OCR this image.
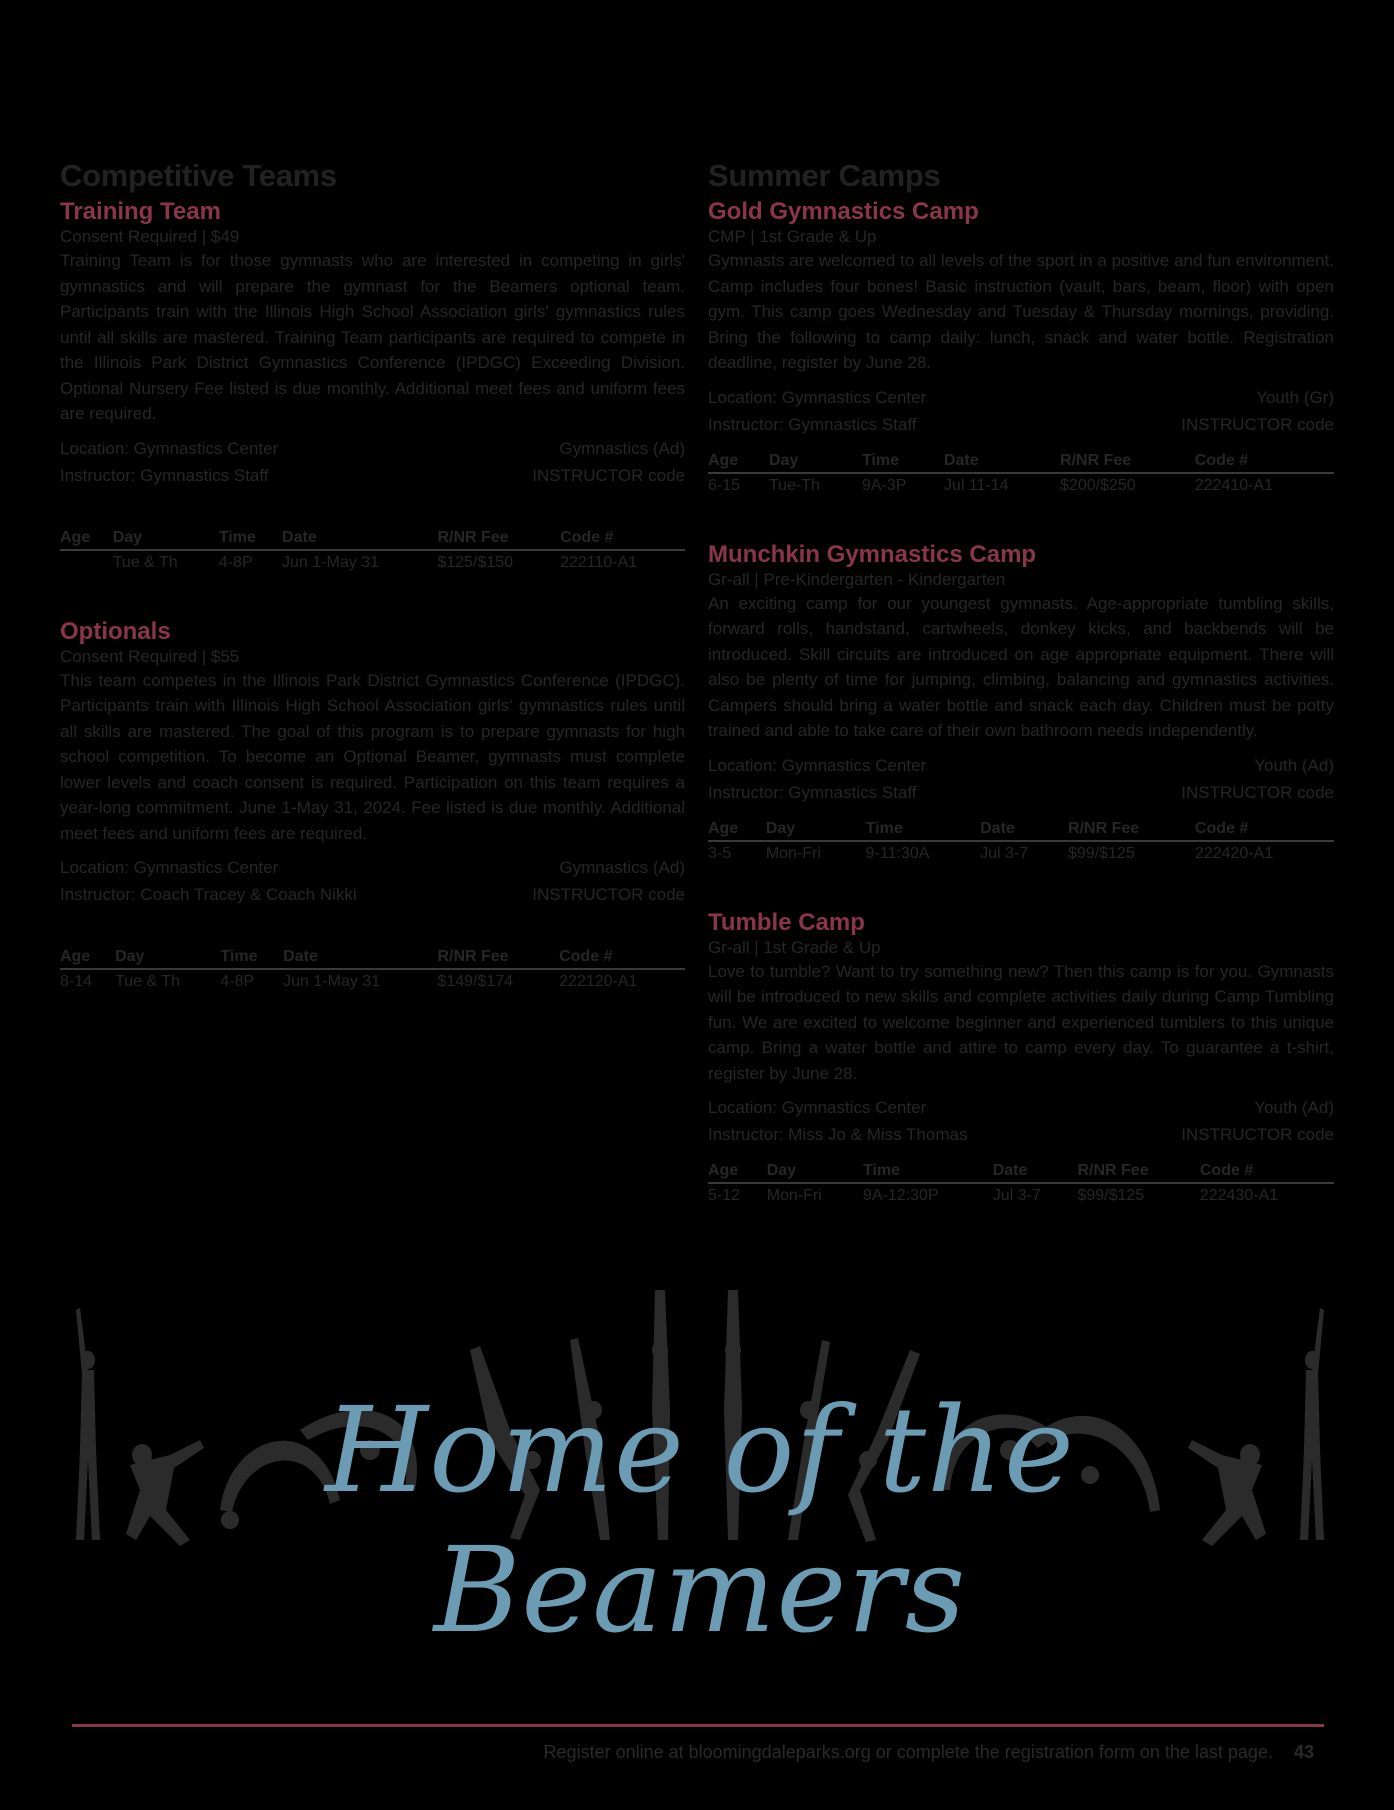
Competitive Teams
Training Team
Consent Required | $49

Training Team is for those gymnasts who are interested in competing in girls' gymnastics and will prepare the gymnast for the Beamers optional team. Participants train with the Illinois High School Association girls' gymnastics rules until all skills are mastered. Training Team participants are required to compete in the Illinois Park District Gymnastics Conference (IPDGC) Exceeding Division. Optional Nursery Fee listed is due monthly. Additional meet fees and uniform fees are required.

Location: Gymnastics Center	Gymnastics (Ad)
Instructor: Gymnastics Staff	INSTRUCTOR code
Age	Day	Time	Date	R/NR Fee	Code #
	Tue & Th	4-8P	Jun 1-May 31	$125/$150	222110-A1
Optionals
Consent Required | $55

This team competes in the Illinois Park District Gymnastics Conference (IPDGC). Participants train with Illinois High School Association girls' gymnastics rules until all skills are mastered. The goal of this program is to prepare gymnasts for high school competition. To become an Optional Beamer, gymnasts must complete lower levels and coach consent is required. Participation on this team requires a year-long commitment. June 1-May 31, 2024. Fee listed is due monthly. Additional meet fees and uniform fees are required.

Location: Gymnastics Center	Gymnastics (Ad)
Instructor: Coach Tracey & Coach Nikki	INSTRUCTOR code
Age	Day	Time	Date	R/NR Fee	Code #
8-14	Tue & Th	4-8P	Jun 1-May 31	$149/$174	222120-A1
Summer Camps
Gold Gymnastics Camp
CMP | 1st Grade & Up

Gymnasts are welcomed to all levels of the sport in a positive and fun environment. Camp includes four bones! Basic instruction (vault, bars, beam, floor) with open gym. This camp goes Wednesday and Tuesday & Thursday mornings, providing. Bring the following to camp daily: lunch, snack and water bottle. Registration deadline, register by June 28.

Location: Gymnastics Center	Youth (Gr)
Instructor: Gymnastics Staff	INSTRUCTOR code
Age	Day	Time	Date	R/NR Fee	Code #
6-15	Tue-Th	9A-3P	Jul 11-14	$200/$250	222410-A1
Munchkin Gymnastics Camp
Gr-all | Pre-Kindergarten - Kindergarten

An exciting camp for our youngest gymnasts. Age-appropriate tumbling skills, forward rolls, handstand, cartwheels, donkey kicks, and backbends will be introduced. Skill circuits are introduced on age appropriate equipment. There will also be plenty of time for jumping, climbing, balancing and gymnastics activities. Campers should bring a water bottle and snack each day. Children must be potty trained and able to take care of their own bathroom needs independently.

Location: Gymnastics Center	Youth (Ad)
Instructor: Gymnastics Staff	INSTRUCTOR code
Age	Day	Time	Date	R/NR Fee	Code #
3-5	Mon-Fri	9-11:30A	Jul 3-7	$99/$125	222420-A1
Tumble Camp
Gr-all | 1st Grade & Up

Love to tumble? Want to try something new? Then this camp is for you. Gymnasts will be introduced to new skills and complete activities daily during Camp Tumbling fun. We are excited to welcome beginner and experienced tumblers to this unique camp. Bring a water bottle and attire to camp every day. To guarantee a t-shirt, register by June 28.

Location: Gymnastics Center	Youth (Ad)
Instructor: Miss Jo & Miss Thomas	INSTRUCTOR code
Age	Day	Time	Date	R/NR Fee	Code #
5-12	Mon-Fri	9A-12:30P	Jul 3-7	$99/$125	222430-A1
Home of the Beamers
Register online at bloomingdaleparks.org or complete the registration form on the last page. 43
